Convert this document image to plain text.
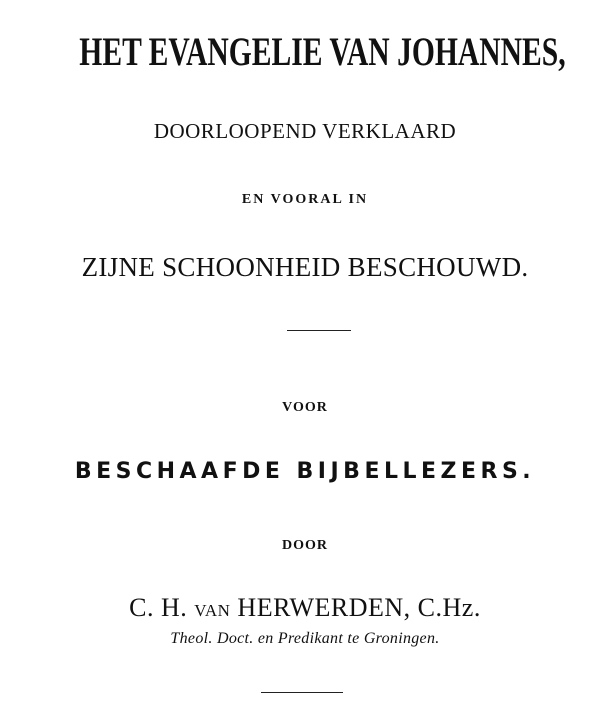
HET EVANGELIE VAN JOHANNES,
DOORLOOPEND VERKLAARD
EN VOORAL IN
ZIJNE SCHOONHEID BESCHOUWD.
VOOR
BESCHAAFDE BIJBELLEZERS.
DOOR
C. H. VAN HERWERDEN, C.Hz.
Theol. Doct. en Predikant te Groningen.
